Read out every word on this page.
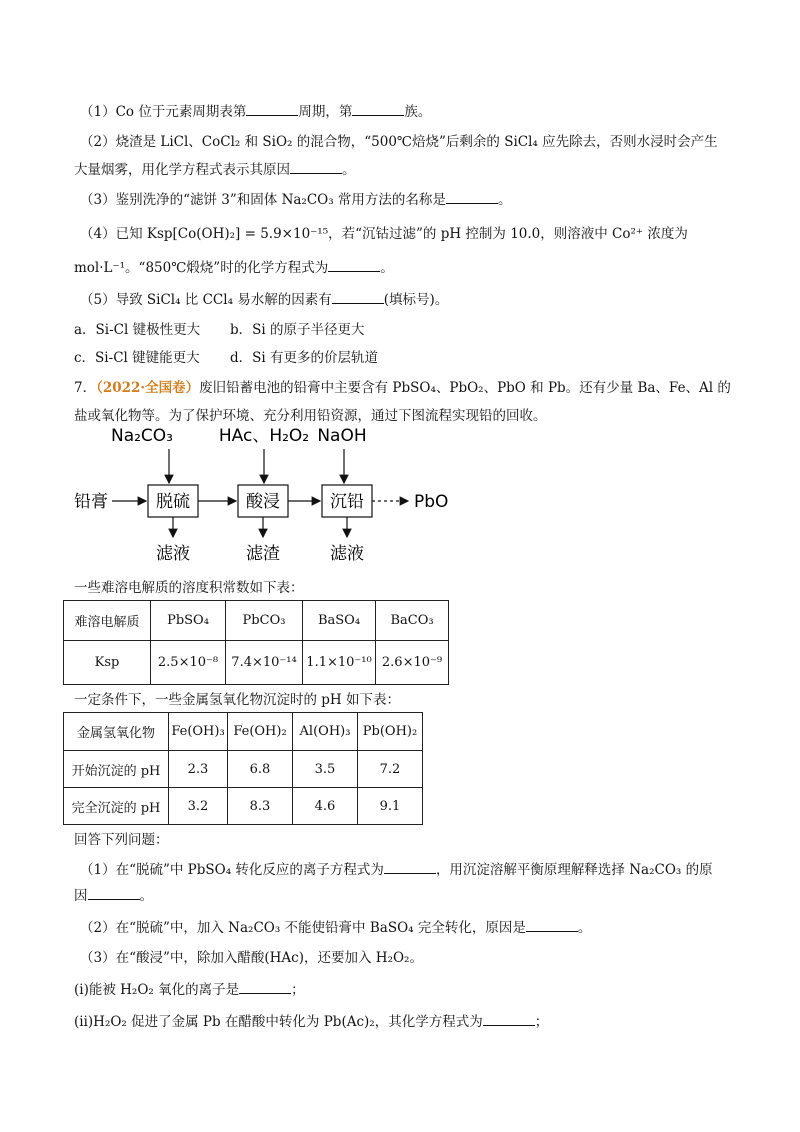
（1）Co 位于元素周期表第	周期，第	族。
（2）烧渣是 LiCl、CoCl₂ 和 SiO₂ 的混合物，“500℃焙烧”后剩余的 SiCl₄ 应先除去，否则水浸时会产生
大量烟雾，用化学方程式表示其原因	。
（3）鉴别洗净的“滤饼 3”和固体 Na₂CO₃ 常用方法的名称是	。
（4）已知 Ksp[Co(OH)₂] = 5.9×10⁻¹⁵，若“沉钴过滤”的 pH 控制为 10.0，则溶液中 Co²⁺ 浓度为
mol·L⁻¹。“850℃煅烧”时的化学方程式为	。
（5）导致 SiCl₄ 比 CCl₄ 易水解的因素有	(填标号)。
a．Si-Cl 键极性更大 b．Si 的原子半径更大
c．Si-Cl 键键能更大 d．Si 有更多的价层轨道
7．（2022·全国卷）废旧铅蓄电池的铅膏中主要含有 PbSO₄、PbO₂、PbO 和 Pb。还有少量 Ba、Fe、Al 的
盐或氧化物等。为了保护环境、充分利用铅资源，通过下图流程实现铅的回收。
Na₂CO₃	HAc、H₂O₂ NaOH
铅膏	脱硫	酸浸	沉铅	PbO
滤液	滤渣	滤液
一些难溶电解质的溶度积常数如下表：
难溶电解质	PbSO₄	PbCO₃	BaSO₄	BaCO₃
Ksp	2.5×10⁻⁸	7.4×10⁻¹⁴	1.1×10⁻¹⁰	2.6×10⁻⁹
一定条件下，一些金属氢氧化物沉淀时的 pH 如下表：
金属氢氧化物	Fe(OH)₃	Fe(OH)₂	Al(OH)₃	Pb(OH)₂
开始沉淀的 pH	2.3	6.8	3.5	7.2
完全沉淀的 pH	3.2	8.3	4.6	9.1
回答下列问题：
（1）在“脱硫”中 PbSO₄ 转化反应的离子方程式为	，用沉淀溶解平衡原理解释选择 Na₂CO₃ 的原
因	。
（2）在“脱硫”中，加入 Na₂CO₃ 不能使铅膏中 BaSO₄ 完全转化，原因是	。
（3）在“酸浸”中，除加入醋酸(HAc)，还要加入 H₂O₂。
(ⅰ)能被 H₂O₂ 氧化的离子是	；
(ⅱ)H₂O₂ 促进了金属 Pb 在醋酸中转化为 Pb(Ac)₂，其化学方程式为	；
